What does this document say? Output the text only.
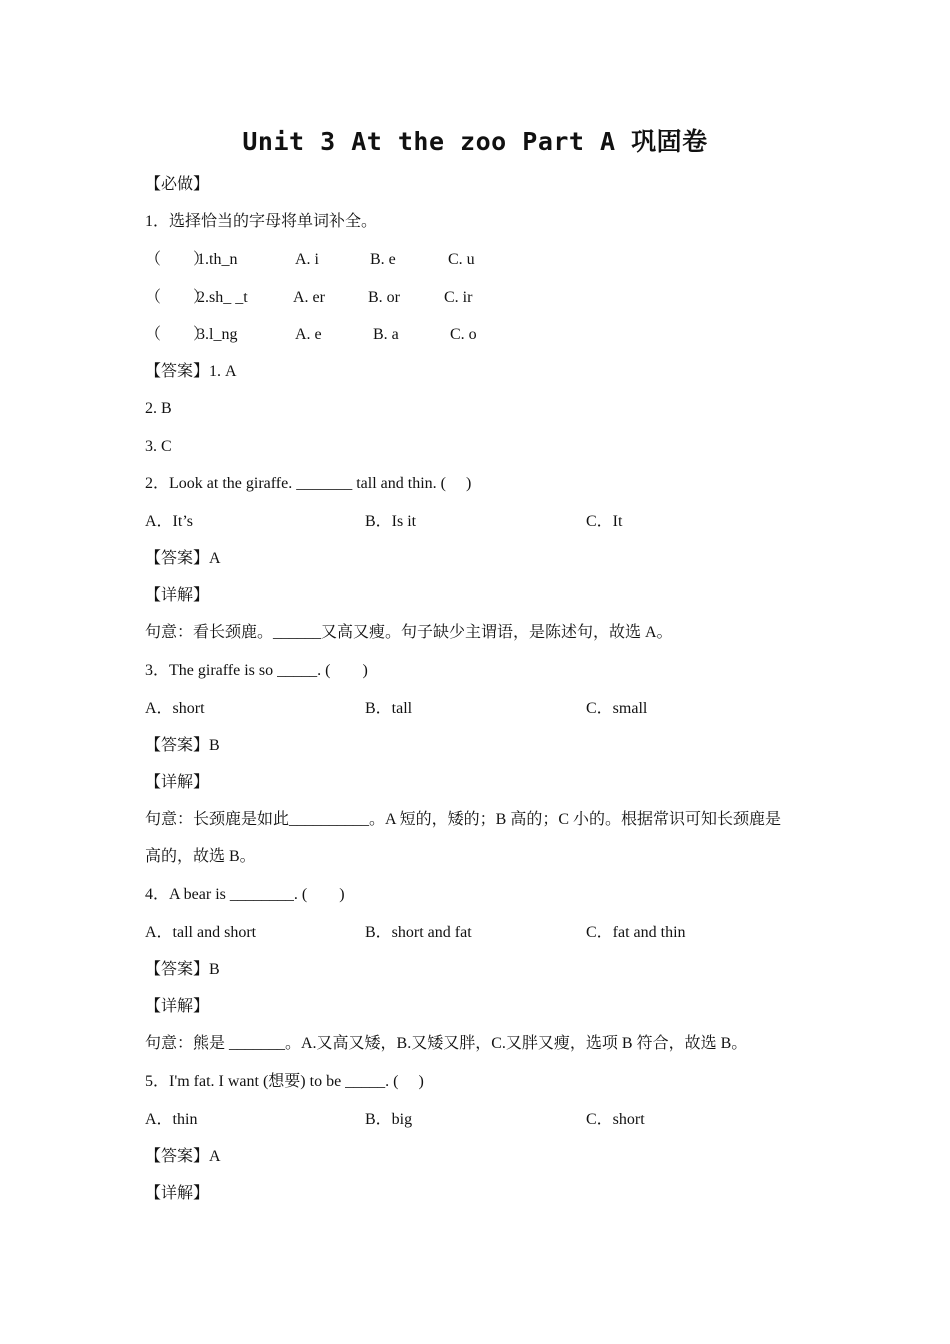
Unit 3 At the zoo Part A 巩固卷
【必做】
1．选择恰当的字母将单词补全。
（　　）
1.th_n	A. i	B. e	C. u
（　　）
2.sh_ _t	A. er	B. or	C. ir
（　　）
3.l_ng	A. e	B. a	C. o
【答案】1. A
2. B
3. C
2．Look at the giraffe. _______ tall and thin. (　 )
A．It’s	B．Is it	C．It
【答案】A
【详解】
句意：看长颈鹿。______又高又瘦。句子缺少主谓语，是陈述句，故选 A。
3．The giraffe is so _____. (　　)
A．short	B．tall	C．small
【答案】B
【详解】
句意：长颈鹿是如此__________。A 短的，矮的；B 高的；C 小的。根据常识可知长颈鹿是
高的，故选 B。
4．A bear is ________. (　　)
A．tall and short	B．short and fat	C．fat and thin
【答案】B
【详解】
句意：熊是 _______。A.又高又矮，B.又矮又胖，C.又胖又瘦，选项 B 符合，故选 B。
5．I'm fat. I want (想要) to be _____. (　 )
A．thin	B．big	C．short
【答案】A
【详解】
